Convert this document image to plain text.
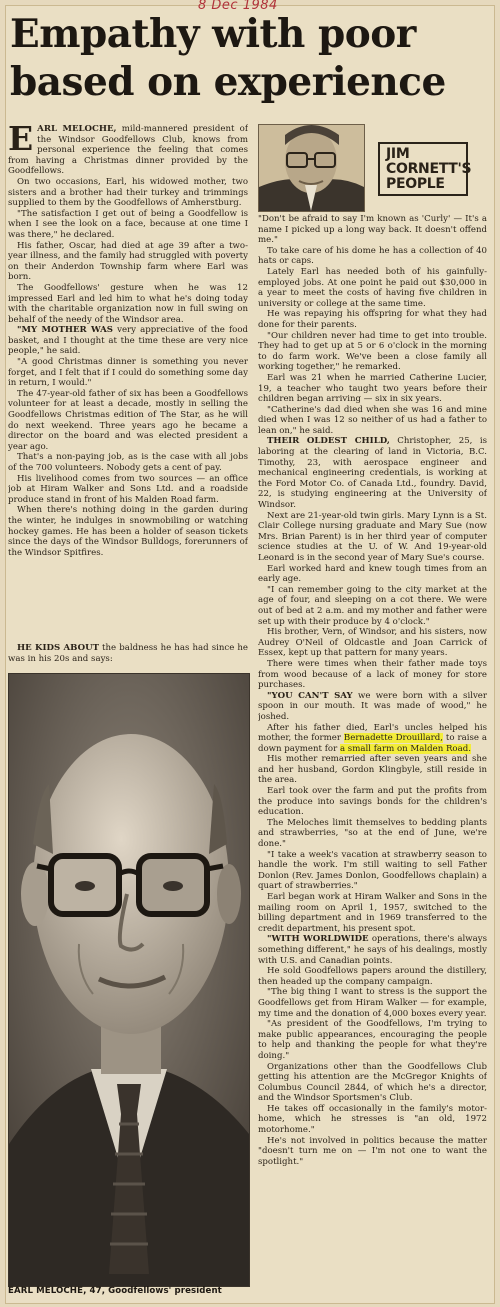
8 Dec 1984
Empathy with poor
based on experience
JIM
CORNETT'S
PEOPLE

EARL MELOCHE, mild-mannered president of the Windsor Goodfellows Club, knows from personal experience the feeling that comes from having a Christmas dinner provided by the Goodfellows.

On two occasions, Earl, his widowed mother, two sisters and a brother had their turkey and trimmings supplied to them by the Goodfellows of Amherstburg.

"The satisfaction I get out of being a Goodfellow is when I see the look on a face, because at one time I was there," he declared.

His father, Oscar, had died at age 39 after a two-year illness, and the family had struggled with poverty on their Anderdon Township farm where Earl was born.

The Goodfellows' gesture when he was 12 impressed Earl and led him to what he's doing today with the charitable organization now in full swing on behalf of the needy of the Windsor area.

"MY MOTHER WAS very appreciative of the food basket, and I thought at the time these are very nice people," he said.

"A good Christmas dinner is something you never forget, and I felt that if I could do something some day in return, I would."

The 47-year-old father of six has been a Goodfellows volunteer for at least a decade, mostly in selling the Goodfellows Christmas edition of The Star, as he will do next weekend. Three years ago he became a director on the board and was elected president a year ago.

That's a non-paying job, as is the case with all jobs of the 700 volunteers. Nobody gets a cent of pay.

His livelihood comes from two sources — an office job at Hiram Walker and Sons Ltd. and a roadside produce stand in front of his Malden Road farm.

When there's nothing doing in the garden during the winter, he indulges in snowmobiling or watching hockey games. He has been a holder of season tickets since the days of the Windsor Bulldogs, forerunners of the Windsor Spitfires.

HE KIDS ABOUT the baldness he has had since he was in his 20s and says:

EARL MELOCHE, 47, Goodfellows' president

"Don't be afraid to say I'm known as 'Curly' — It's a name I picked up a long way back. It doesn't offend me."

To take care of his dome he has a collection of 40 hats or caps.

Lately Earl has needed both of his gainfully-employed jobs. At one point he paid out $30,000 in a year to meet the costs of having five children in university or college at the same time.

He was repaying his offspring for what they had done for their parents.

"Our children never had time to get into trouble. They had to get up at 5 or 6 o'clock in the morning to do farm work. We've been a close family all working together," he remarked.

Earl was 21 when he married Catherine Lucier, 19, a teacher who taught two years before their children began arriving — six in six years.

"Catherine's dad died when she was 16 and mine died when I was 12 so neither of us had a father to lean on," he said.

THEIR OLDEST CHILD, Christopher, 25, is laboring at the clearing of land in Victoria, B.C. Timothy, 23, with aerospace engineer and mechanical engineering credentials, is working at the Ford Motor Co. of Canada Ltd., foundry. David, 22, is studying engineering at the University of Windsor.

Next are 21-year-old twin girls. Mary Lynn is a St. Clair College nursing graduate and Mary Sue (now Mrs. Brian Parent) is in her third year of computer science studies at the U. of W. And 19-year-old Leonard is in the second year of Mary Sue's course.

Earl worked hard and knew tough times from an early age.

"I can remember going to the city market at the age of four, and sleeping on a cot there. We were out of bed at 2 a.m. and my mother and father were set up with their produce by 4 o'clock."

His brother, Vern, of Windsor, and his sisters, now Audrey O'Neil of Oldcastle and Joan Carrick of Essex, kept up that pattern for many years.

There were times when their father made toys from wood because of a lack of money for store purchases.

"YOU CAN'T SAY we were born with a silver spoon in our mouth. It was made of wood," he joshed.

After his father died, Earl's uncles helped his mother, the former Bernadette Drouillard, to raise a down payment for a small farm on Malden Road.

His mother remarried after seven years and she and her husband, Gordon Klingbyle, still reside in the area.

Earl took over the farm and put the profits from the produce into savings bonds for the children's education.

The Meloches limit themselves to bedding plants and strawberries, "so at the end of June, we're done."

"I take a week's vacation at strawberry season to handle the work. I'm still waiting to sell Father Donlon (Rev. James Donlon, Goodfellows chaplain) a quart of strawberries."

Earl began work at Hiram Walker and Sons in the mailing room on April 1, 1957, switched to the billing department and in 1969 transferred to the credit department, his present spot.

"WITH WORLDWIDE operations, there's always something different," he says of his dealings, mostly with U.S. and Canadian points.

He sold Goodfellows papers around the distillery, then headed up the company campaign.

"The big thing I want to stress is the support the Goodfellows get from Hiram Walker — for example, my time and the donation of 4,000 boxes every year.

"As president of the Goodfellows, I'm trying to make public appearances, encouraging the people to help and thanking the people for what they're doing."

Organizations other than the Goodfellows Club getting his attention are the McGregor Knights of Columbus Council 2844, of which he's a director, and the Windsor Sportsmen's Club.

He takes off occasionally in the family's motor-home, which he stresses is "an old, 1972 motorhome."

He's not involved in politics because the matter "doesn't turn me on — I'm not one to want the spotlight."
